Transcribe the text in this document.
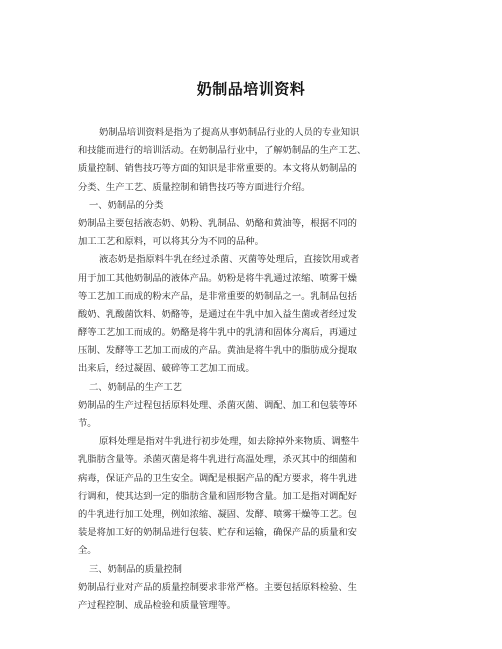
奶制品培训资料
奶制品培训资料是指为了提高从事奶制品行业的人员的专业知识
和技能而进行的培训活动。在奶制品行业中，了解奶制品的生产工艺、
质量控制、销售技巧等方面的知识是非常重要的。本文将从奶制品的
分类、生产工艺、质量控制和销售技巧等方面进行介绍。
一、奶制品的分类
奶制品主要包括液态奶、奶粉、乳制品、奶酪和黄油等，根据不同的
加工工艺和原料，可以将其分为不同的品种。
液态奶是指原料牛乳在经过杀菌、灭菌等处理后，直接饮用或者
用于加工其他奶制品的液体产品。奶粉是将牛乳通过浓缩、喷雾干燥
等工艺加工而成的粉末产品，是非常重要的奶制品之一。乳制品包括
酸奶、乳酸菌饮料、奶酪等，是通过在牛乳中加入益生菌或者经过发
酵等工艺加工而成的。奶酪是将牛乳中的乳清和固体分离后，再通过
压制、发酵等工艺加工而成的产品。黄油是将牛乳中的脂肪成分提取
出来后，经过凝固、破碎等工艺加工而成。
二、奶制品的生产工艺
奶制品的生产过程包括原料处理、杀菌灭菌、调配、加工和包装等环
节。
原料处理是指对牛乳进行初步处理，如去除掉外来物质、调整牛
乳脂肪含量等。杀菌灭菌是将牛乳进行高温处理，杀灭其中的细菌和
病毒，保证产品的卫生安全。调配是根据产品的配方要求，将牛乳进
行调和，使其达到一定的脂肪含量和固形物含量。加工是指对调配好
的牛乳进行加工处理，例如浓缩、凝固、发酵、喷雾干燥等工艺。包
装是将加工好的奶制品进行包装、贮存和运输，确保产品的质量和安
全。
三、奶制品的质量控制
奶制品行业对产品的质量控制要求非常严格。主要包括原料检验、生
产过程控制、成品检验和质量管理等。
